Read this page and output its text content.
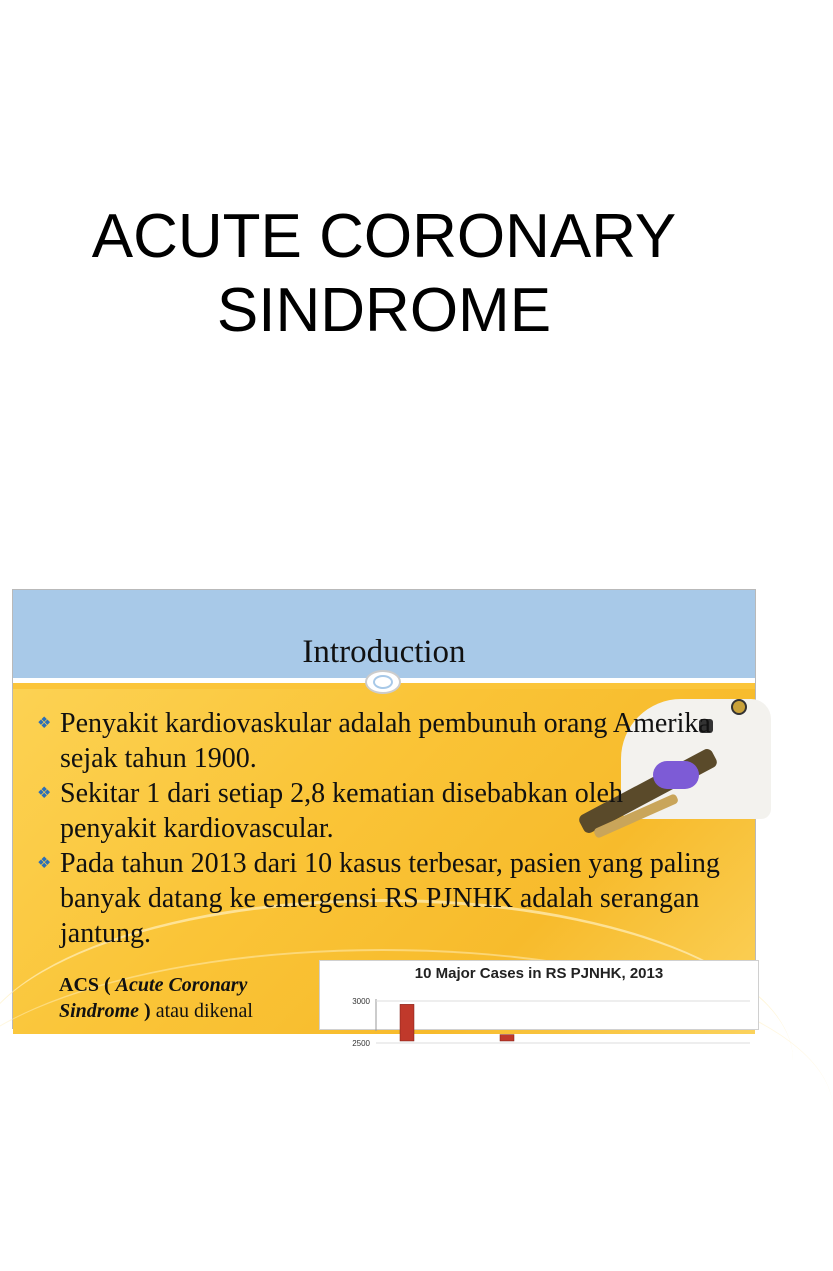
ACUTE CORONARY
SINDROME
Introduction
❖ Penyakit kardiovaskular adalah pembunuh orang Amerika sejak tahun 1900.
❖ Sekitar 1 dari setiap 2,8 kematian disebabkan oleh penyakit kardiovascular.
❖ Pada tahun 2013 dari 10 kasus terbesar, pasien yang paling banyak datang ke emergensi RS PJNHK adalah serangan jantung.
ACS ( Acute Coronary Sindrome ) atau dikenal
10 Major Cases in RS PJNHK, 2013
3000
2500
